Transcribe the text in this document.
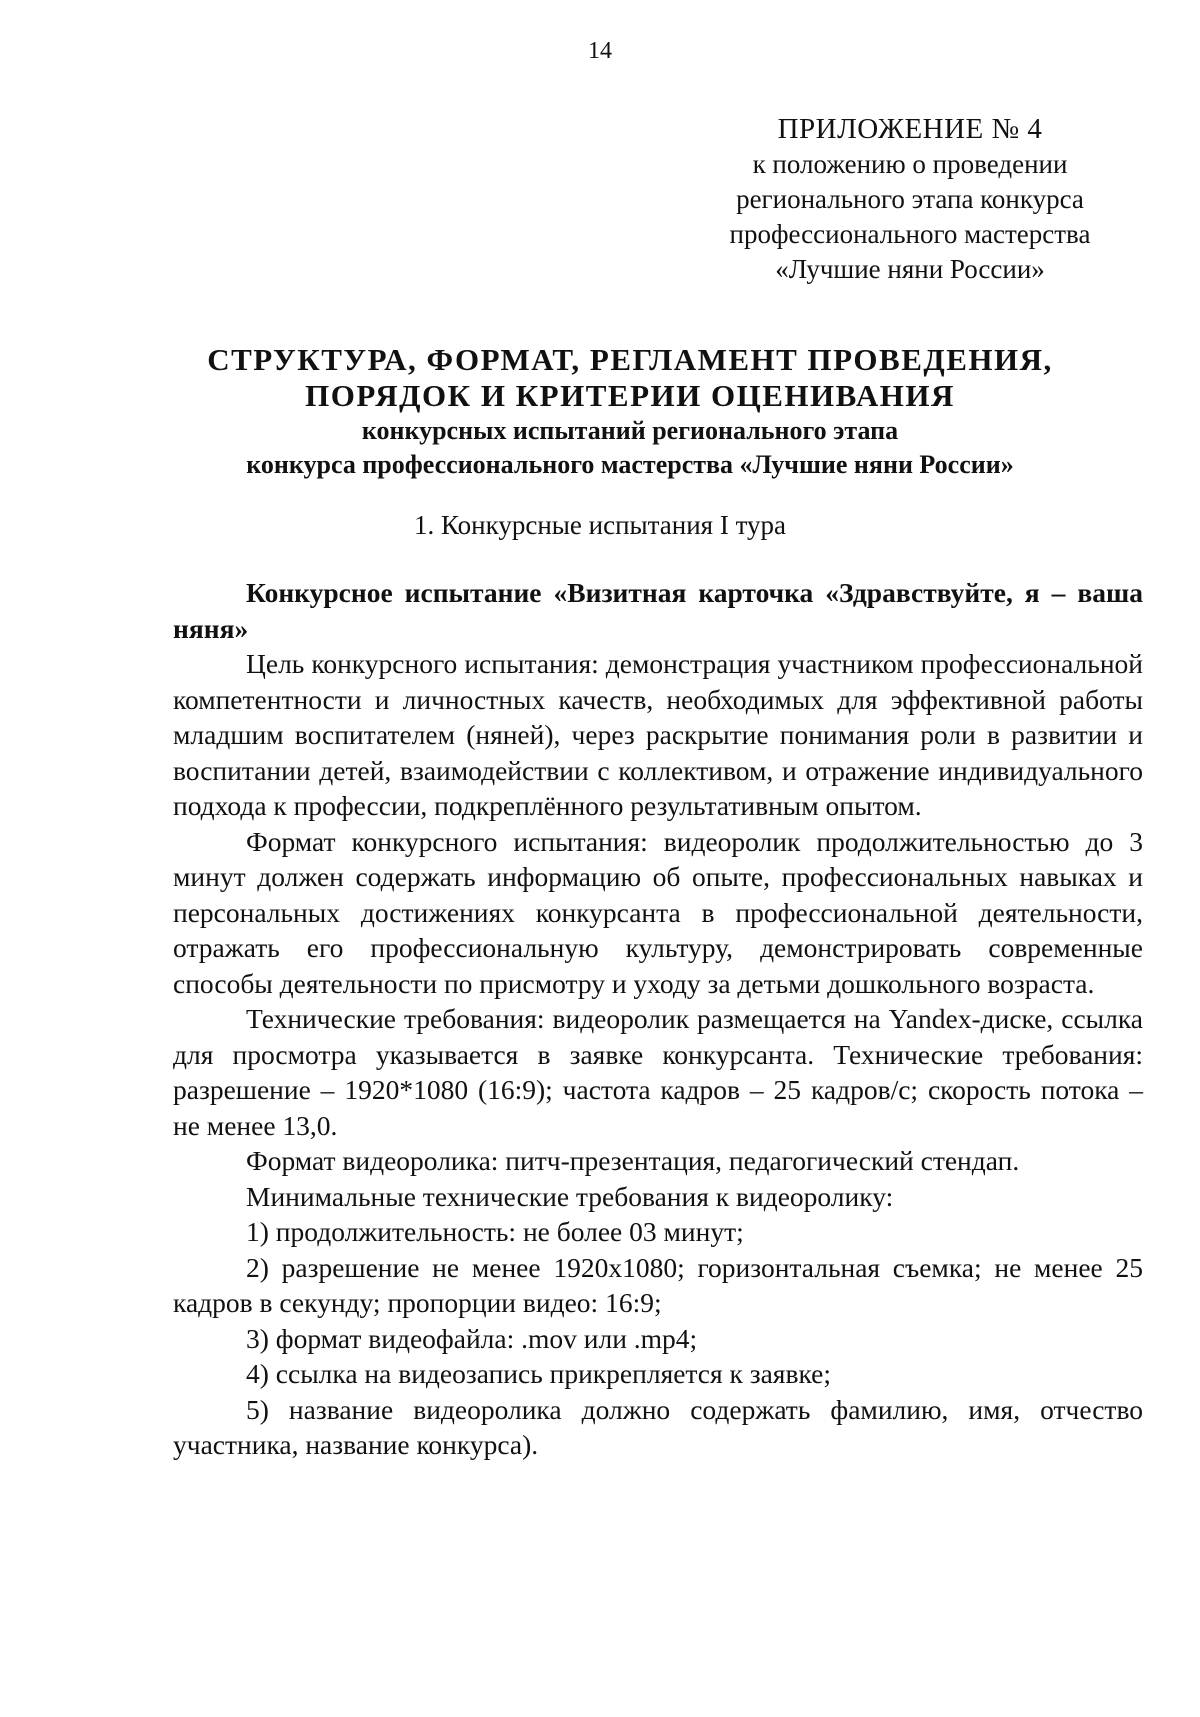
14
ПРИЛОЖЕНИЕ № 4
к положению о проведении
регионального этапа конкурса
профессионального мастерства
«Лучшие няни России»
СТРУКТУРА, ФОРМАТ, РЕГЛАМЕНТ ПРОВЕДЕНИЯ,
ПОРЯДОК И КРИТЕРИИ ОЦЕНИВАНИЯ
конкурсных испытаний регионального этапа
конкурса профессионального мастерства «Лучшие няни России»
1. Конкурсные испытания I тура

Конкурсное испытание «Визитная карточка «Здравствуйте, я – ваша няня»

Цель конкурсного испытания: демонстрация участником профессиональной компетентности и личностных качеств, необходимых для эффективной работы младшим воспитателем (няней), через раскрытие понимания роли в развитии и воспитании детей, взаимодействии с коллективом, и отражение индивидуального подхода к профессии, подкреплённого результативным опытом.

Формат конкурсного испытания: видеоролик продолжительностью до 3 минут должен содержать информацию об опыте, профессиональных навыках и персональных достижениях конкурсанта в профессиональной деятельности, отражать его профессиональную культуру, демонстрировать современные способы деятельности по присмотру и уходу за детьми дошкольного возраста.

Технические требования: видеоролик размещается на Yandex-диске, ссылка для просмотра указывается в заявке конкурсанта. Технические требования: разрешение – 1920*1080 (16:9); частота кадров – 25 кадров/с; скорость потока – не менее 13,0.

Формат видеоролика: питч-презентация, педагогический стендап.

Минимальные технические требования к видеоролику:

1) продолжительность: не более 03 минут;

2) разрешение не менее 1920х1080; горизонтальная съемка; не менее 25 кадров в секунду; пропорции видео: 16:9;

3) формат видеофайла: .mov или .mp4;

4) ссылка на видеозапись прикрепляется к заявке;

5) название видеоролика должно содержать фамилию, имя, отчество участника, название конкурса).
